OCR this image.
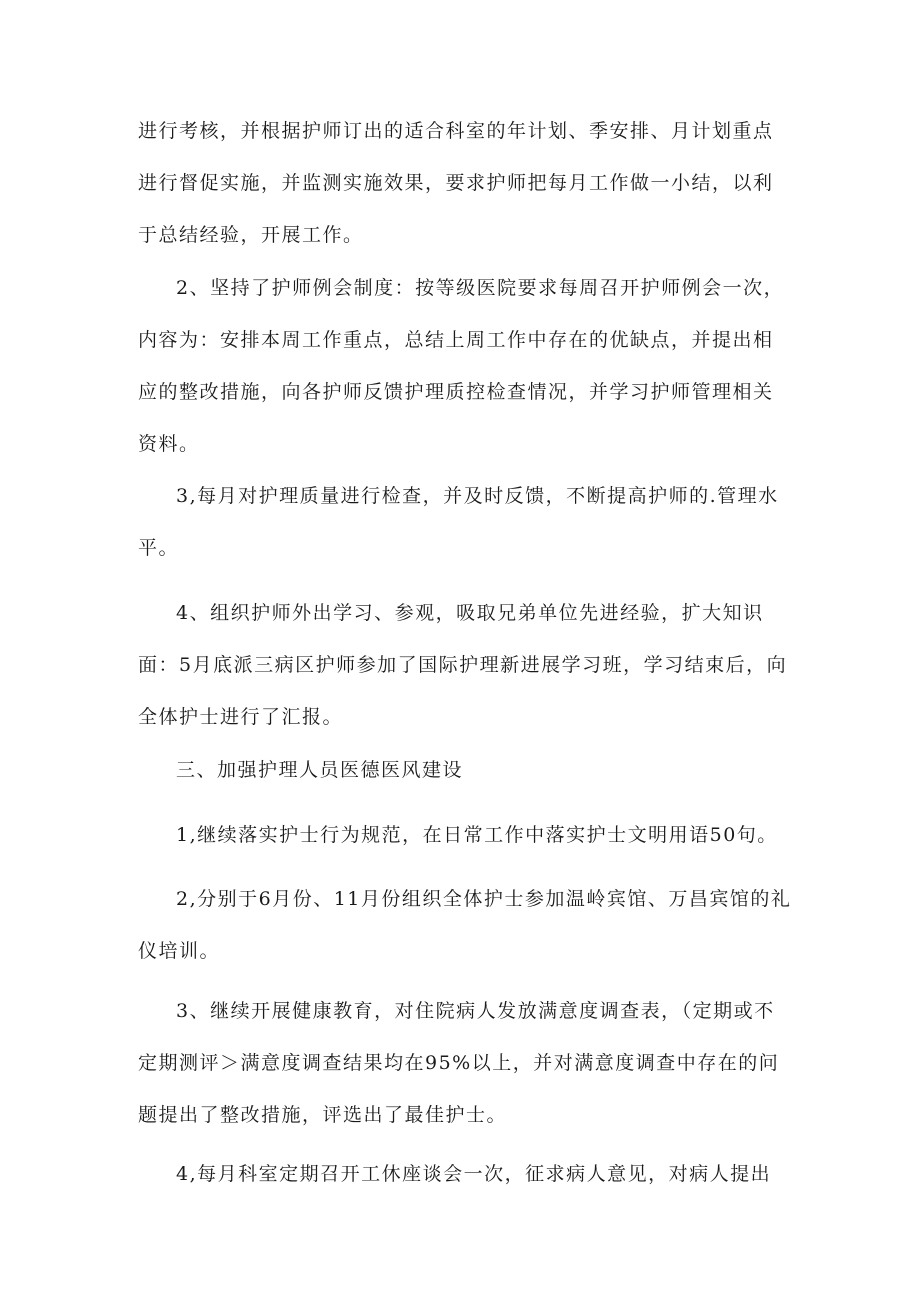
进行考核，并根据护师订出的适合科室的年计划、季安排、月计划重点
进行督促实施，并监测实施效果，要求护师把每月工作做一小结，以利
于总结经验，开展工作。

2、坚持了护师例会制度：按等级医院要求每周召开护师例会一次，
内容为：安排本周工作重点，总结上周工作中存在的优缺点，并提出相
应的整改措施，向各护师反馈护理质控检查情况，并学习护师管理相关
资料。

3,每月对护理质量进行检查，并及时反馈，不断提高护师的.管理水
平。

4、组织护师外出学习、参观，吸取兄弟单位先进经验，扩大知识
面：5月底派三病区护师参加了国际护理新进展学习班，学习结束后，向
全体护士进行了汇报。

三、加强护理人员医德医风建设

1,继续落实护士行为规范，在日常工作中落实护士文明用语50句。

2,分别于6月份、11月份组织全体护士参加温岭宾馆、万昌宾馆的礼
仪培训。

3、继续开展健康教育，对住院病人发放满意度调查表，（定期或不
定期测评＞满意度调查结果均在95%以上，并对满意度调查中存在的问
题提出了整改措施，评选出了最佳护士。

4,每月科室定期召开工休座谈会一次，征求病人意见，对病人提出
